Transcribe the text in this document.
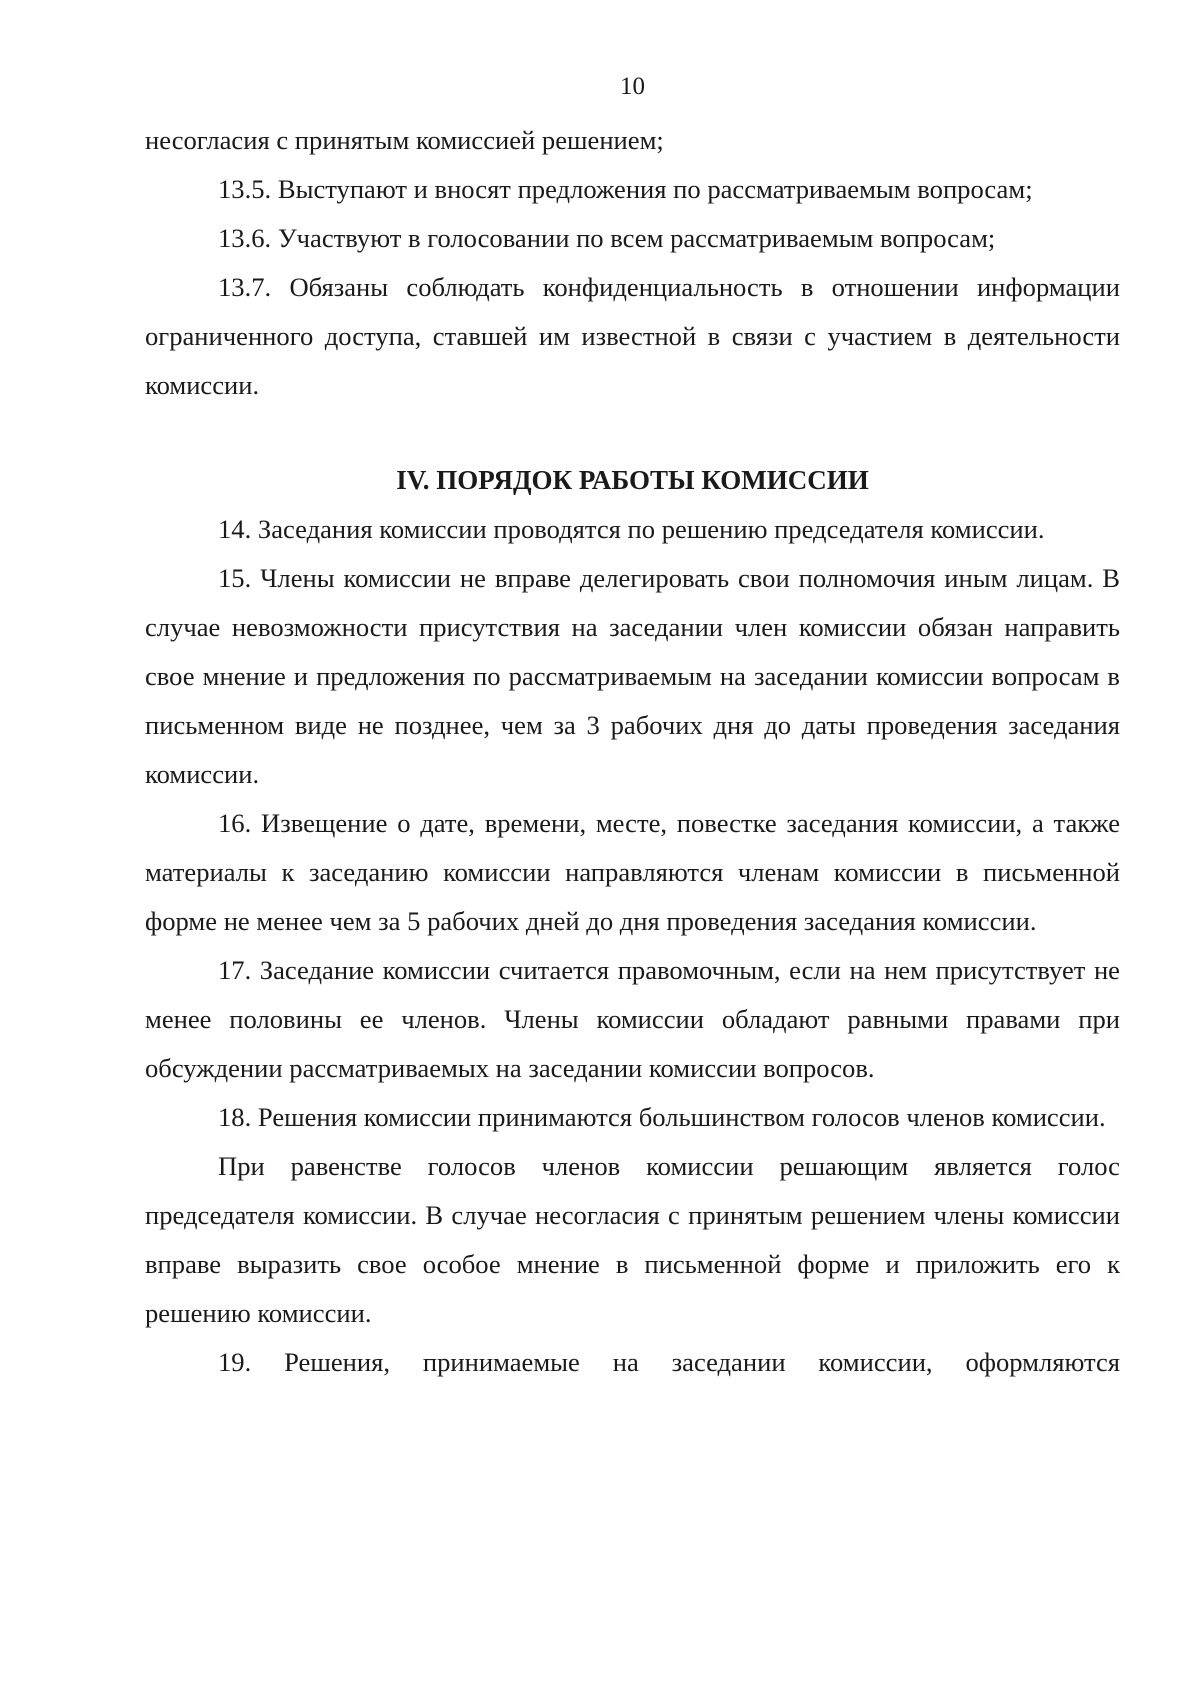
10

несогласия с принятым комиссией решением;

13.5. Выступают и вносят предложения по рассматриваемым вопросам;

13.6. Участвуют в голосовании по всем рассматриваемым вопросам;

13.7. Обязаны соблюдать конфиденциальность в отношении информации ограниченного доступа, ставшей им известной в связи с участием в деятельности комиссии.

IV. ПОРЯДОК РАБОТЫ КОМИССИИ

14. Заседания комиссии проводятся по решению председателя комиссии.

15. Члены комиссии не вправе делегировать свои полномочия иным лицам. В случае невозможности присутствия на заседании член комиссии обязан направить свое мнение и предложения по рассматриваемым на заседании комиссии вопросам в письменном виде не позднее, чем за 3 рабочих дня до даты проведения заседания комиссии.

16. Извещение о дате, времени, месте, повестке заседания комиссии, а также материалы к заседанию комиссии направляются членам комиссии в письменной форме не менее чем за 5 рабочих дней до дня проведения заседания комиссии.

17. Заседание комиссии считается правомочным, если на нем присутствует не менее половины ее членов. Члены комиссии обладают равными правами при обсуждении рассматриваемых на заседании комиссии вопросов.

18. Решения комиссии принимаются большинством голосов членов комиссии.

При равенстве голосов членов комиссии решающим является голос председателя комиссии. В случае несогласия с принятым решением члены комиссии вправе выразить свое особое мнение в письменной форме и приложить его к решению комиссии.

19. Решения, принимаемые на заседании комиссии, оформляются
